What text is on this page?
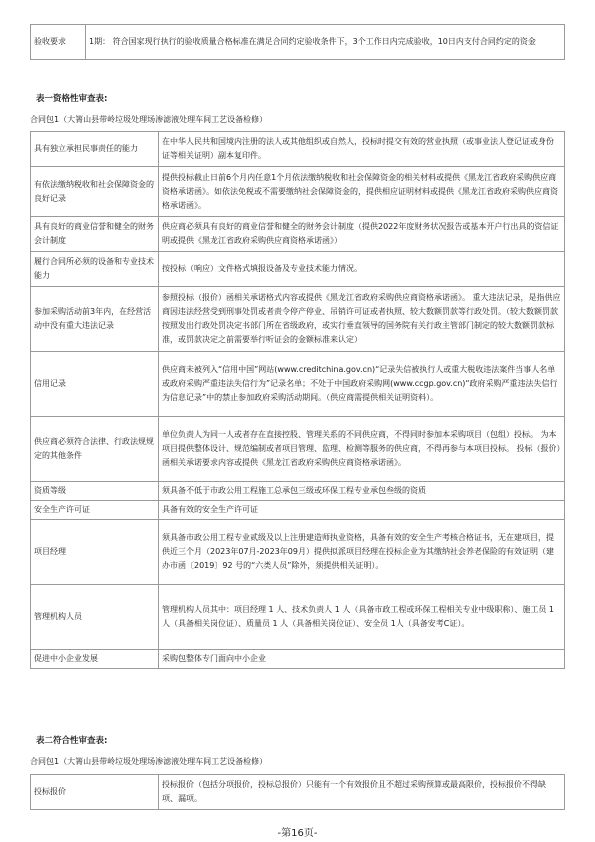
验收要求	1期： 符合国家现行执行的验收质量合格标准在满足合同约定验收条件下，3个工作日内完成验收，10日内支付合同约定的资金
表一资格性审查表:
合同包1（大箐山县带岭垃圾处理场渗滤液处理车间工艺设备检修）
具有独立承担民事责任的能力	在中华人民共和国境内注册的法人或其他组织或自然人，投标时提交有效的营业执照（或事业法人登记证或身份证等相关证明）副本复印件。
有依法缴纳税收和社会保障资金的良好记录	提供投标截止日前6个月内任意1个月依法缴纳税收和社会保障资金的相关材料或提供《黑龙江省政府采购供应商资格承诺函》。如依法免税或不需要缴纳社会保障资金的，提供相应证明材料或提供《黑龙江省政府采购供应商资格承诺函》。
具有良好的商业信誉和健全的财务会计制度	供应商必须具有良好的商业信誉和健全的财务会计制度（提供2022年度财务状况报告或基本开户行出具的资信证明或提供《黑龙江省政府采购供应商资格承诺函》）
履行合同所必须的设备和专业技术能力	按投标（响应）文件格式填报设备及专业技术能力情况。
参加采购活动前3年内，在经营活动中没有重大违法记录	参照投标（报价）函相关承诺格式内容或提供《黑龙江省政府采购供应商资格承诺函》。 重大违法记录，是指供应商因违法经营受到刑事处罚或者责令停产停业、吊销许可证或者执照、较大数额罚款等行政处罚。（较大数额罚款按照发出行政处罚决定书部门所在省级政府，或实行垂直领导的国务院有关行政主管部门制定的较大数额罚款标准，或罚款决定之前需要举行听证会的金额标准来认定）
信用记录	供应商未被列入“信用中国”网站(www.creditchina.gov.cn)“记录失信被执行人或重大税收违法案件当事人名单或政府采购严重违法失信行为”记录名单；不处于中国政府采购网(www.ccgp.gov.cn)“政府采购严重违法失信行为信息记录”中的禁止参加政府采购活动期间。（供应商需提供相关证明资料）。
供应商必须符合法律、行政法规规定的其他条件	单位负责人为同一人或者存在直接控股、管理关系的不同供应商，不得同时参加本采购项目（包组）投标。 为本项目提供整体设计、规范编制或者项目管理、监理、检测等服务的供应商，不得再参与本项目投标。 投标（报价）函相关承诺要求内容或提供《黑龙江省政府采购供应商资格承诺函》。
资质等级	须具备不低于市政公用工程施工总承包三级或环保工程专业承包叁级的资质
安全生产许可证	具备有效的安全生产许可证
项目经理	须具备市政公用工程专业贰级及以上注册建造师执业资格，具备有效的安全生产考核合格证书，无在建项目，提供近三个月（2023年07月-2023年09月）提供拟派项目经理在投标企业为其缴纳社会养老保险的有效证明（建办市函〔2019〕92 号的“六类人员”除外，须提供相关证明）。
管理机构人员	管理机构人员其中：项目经理 1 人、技术负责人 1 人（具备市政工程或环保工程相关专业中级职称）、施工员 1 人（具备相关岗位证）、质量员 1 人（具备相关岗位证）、安全员 1人（具备安考C证）。
促进中小企业发展	采购包整体专门面向中小企业
表二符合性审查表:
合同包1（大箐山县带岭垃圾处理场渗滤液处理车间工艺设备检修）
投标报价	投标报价（包括分项报价，投标总报价）只能有一个有效报价且不超过采购预算或最高限价，投标报价不得缺项、漏项。
-第16页-
